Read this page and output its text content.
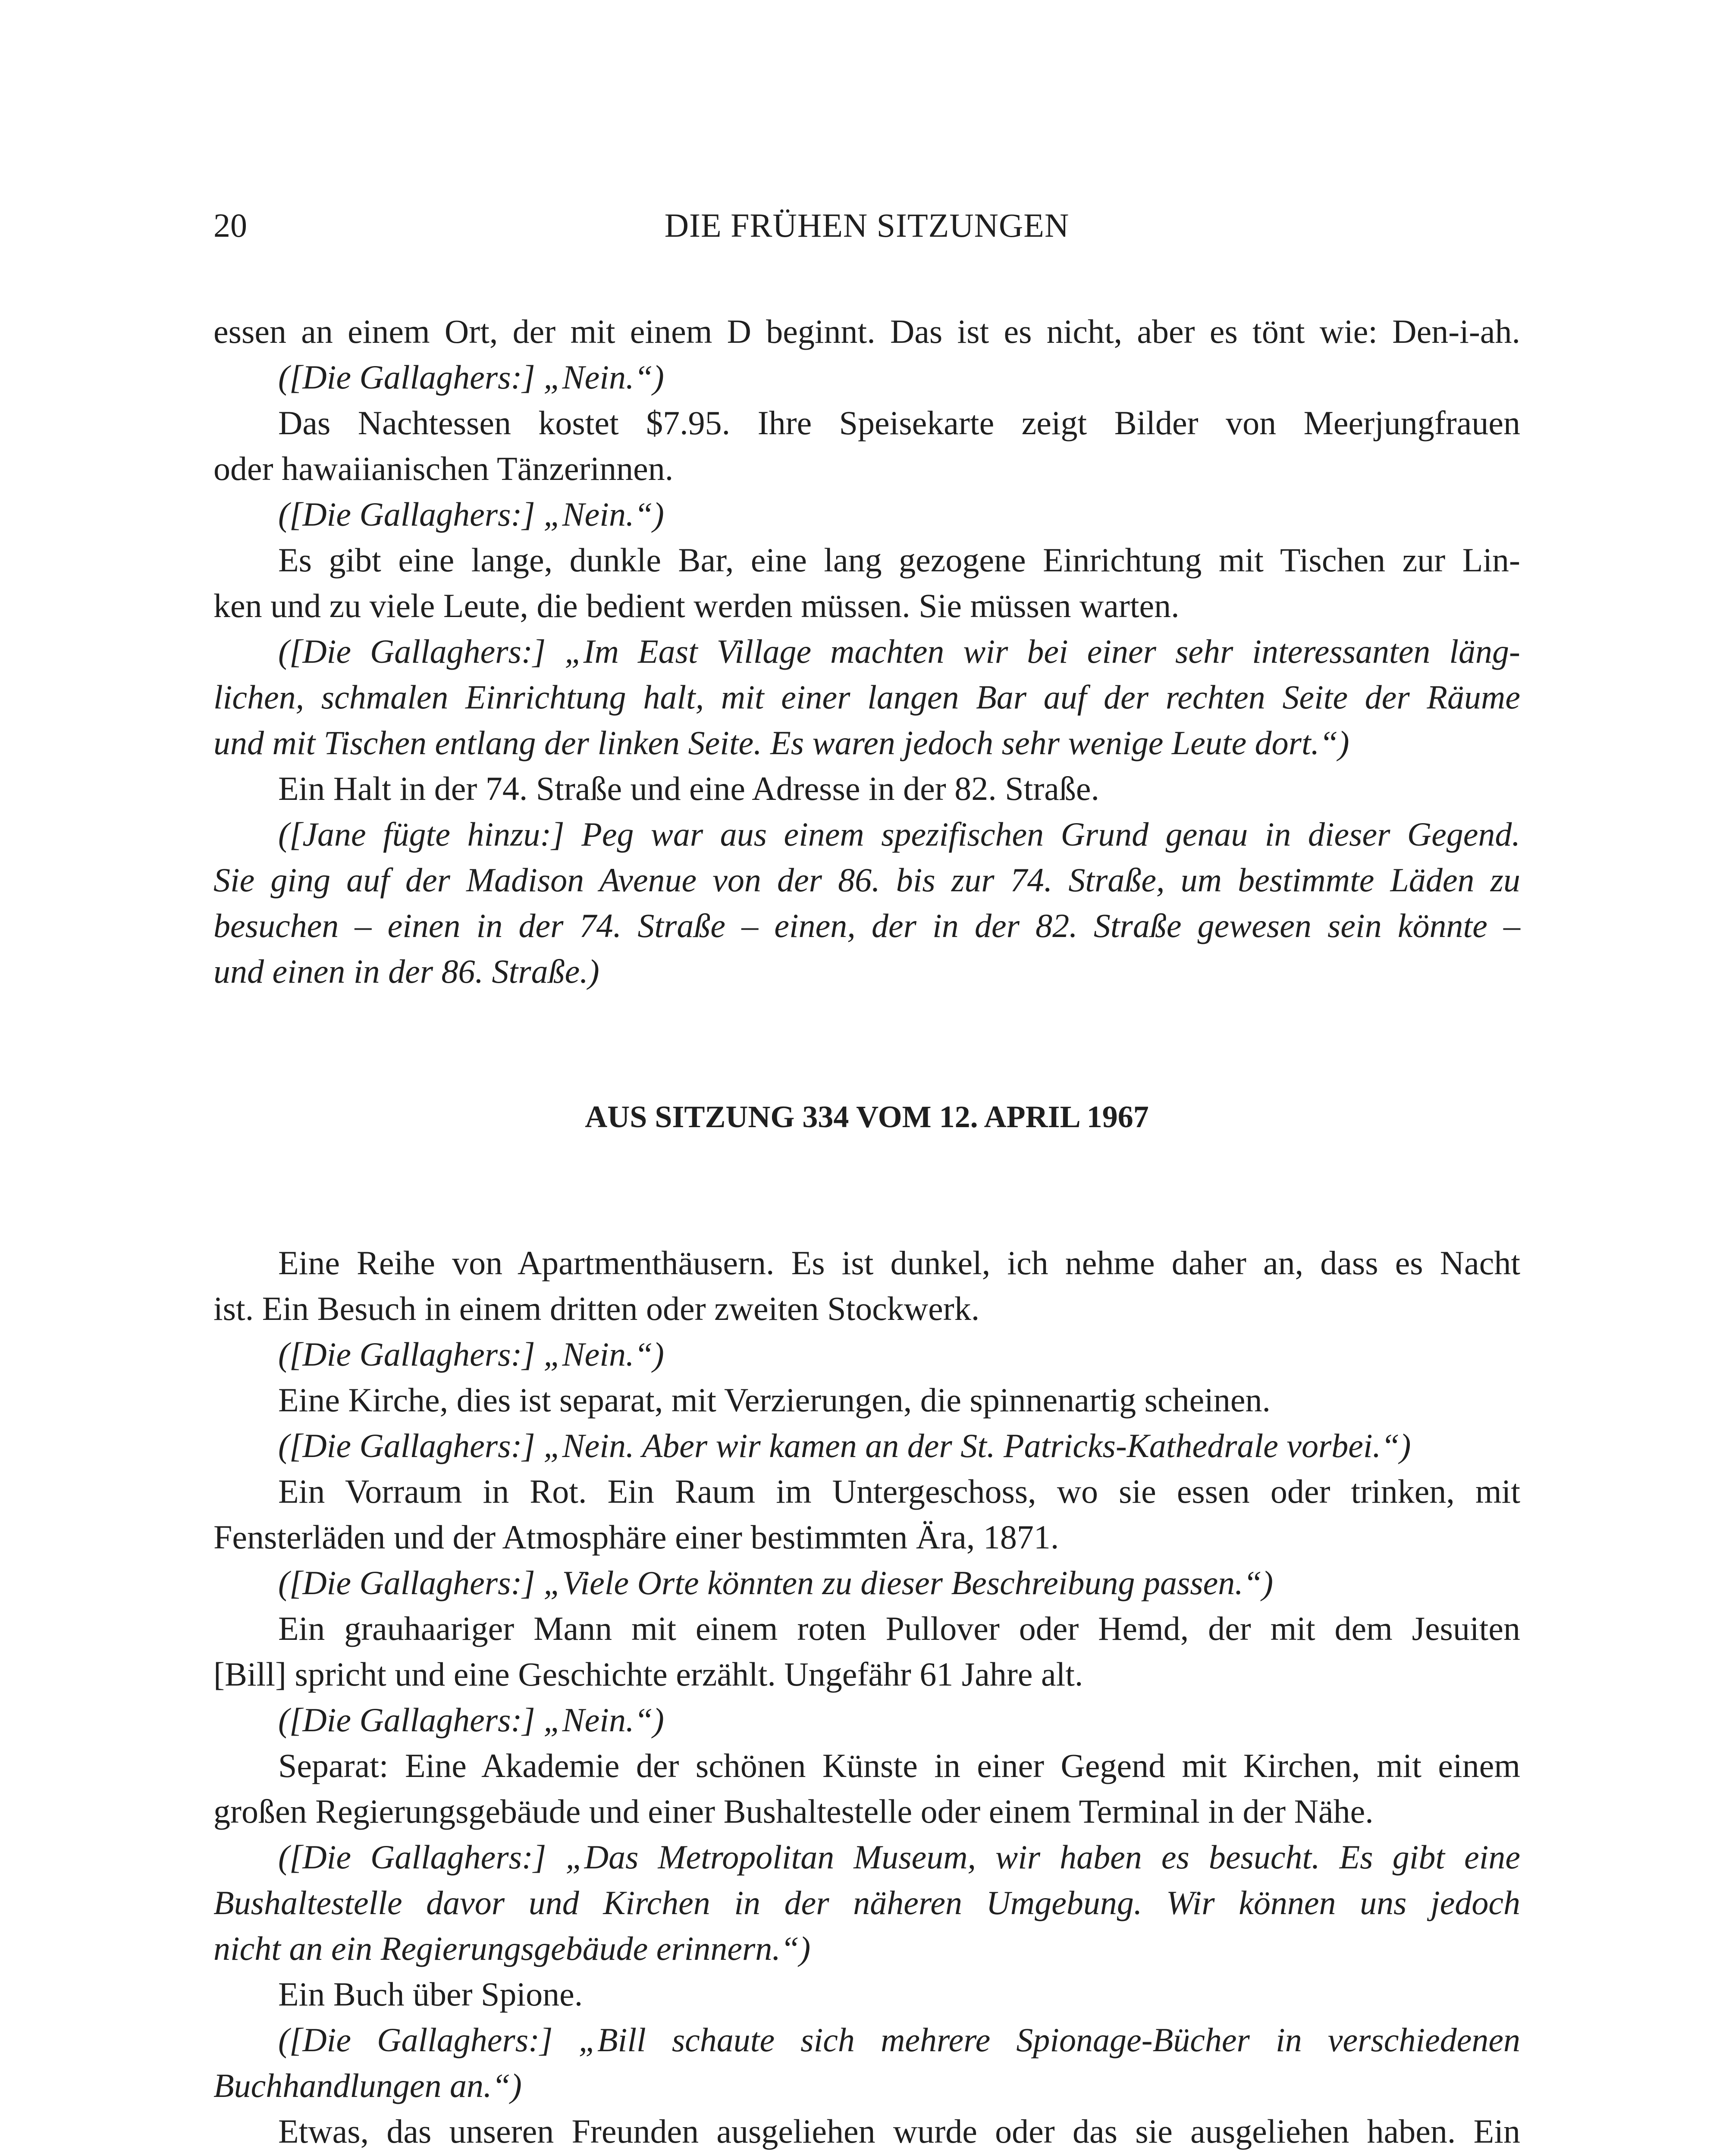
20	DIE FRÜHEN SITZUNGEN
essen an einem Ort, der mit einem D beginnt. Das ist es nicht, aber es tönt wie: Den-i-ah.
([Die Gallaghers:] „Nein.“)
Das Nachtessen kostet $7.95. Ihre Speisekarte zeigt Bilder von Meerjungfrauen
oder hawaiianischen Tänzerinnen.
([Die Gallaghers:] „Nein.“)
Es gibt eine lange, dunkle Bar, eine lang gezogene Einrichtung mit Tischen zur Lin-
ken und zu viele Leute, die bedient werden müssen. Sie müssen warten.
([Die Gallaghers:] „Im East Village machten wir bei einer sehr interessanten läng-
lichen, schmalen Einrichtung halt, mit einer langen Bar auf der rechten Seite der Räume
und mit Tischen entlang der linken Seite. Es waren jedoch sehr wenige Leute dort.“)
Ein Halt in der 74. Straße und eine Adresse in der 82. Straße.
([Jane fügte hinzu:] Peg war aus einem spezifischen Grund genau in dieser Gegend.
Sie ging auf der Madison Avenue von der 86. bis zur 74. Straße, um bestimmte Läden zu
besuchen – einen in der 74. Straße – einen, der in der 82. Straße gewesen sein könnte –
und einen in der 86. Straße.)
AUS SITZUNG 334 VOM 12. APRIL 1967
Eine Reihe von Apartmenthäusern. Es ist dunkel, ich nehme daher an, dass es Nacht
ist. Ein Besuch in einem dritten oder zweiten Stockwerk.
([Die Gallaghers:] „Nein.“)
Eine Kirche, dies ist separat, mit Verzierungen, die spinnenartig scheinen.
([Die Gallaghers:] „Nein. Aber wir kamen an der St. Patricks-Kathedrale vorbei.“)
Ein Vorraum in Rot. Ein Raum im Untergeschoss, wo sie essen oder trinken, mit
Fensterläden und der Atmosphäre einer bestimmten Ära, 1871.
([Die Gallaghers:] „Viele Orte könnten zu dieser Beschreibung passen.“)
Ein grauhaariger Mann mit einem roten Pullover oder Hemd, der mit dem Jesuiten
[Bill] spricht und eine Geschichte erzählt. Ungefähr 61 Jahre alt.
([Die Gallaghers:] „Nein.“)
Separat: Eine Akademie der schönen Künste in einer Gegend mit Kirchen, mit einem
großen Regierungsgebäude und einer Bushaltestelle oder einem Terminal in der Nähe.
([Die Gallaghers:] „Das Metropolitan Museum, wir haben es besucht. Es gibt eine
Bushaltestelle davor und Kirchen in der näheren Umgebung. Wir können uns jedoch
nicht an ein Regierungsgebäude erinnern.“)
Ein Buch über Spione.
([Die Gallaghers:] „Bill schaute sich mehrere Spionage-Bücher in verschiedenen
Buchhandlungen an.“)
Etwas, das unseren Freunden ausgeliehen wurde oder das sie ausgeliehen haben. Ein
